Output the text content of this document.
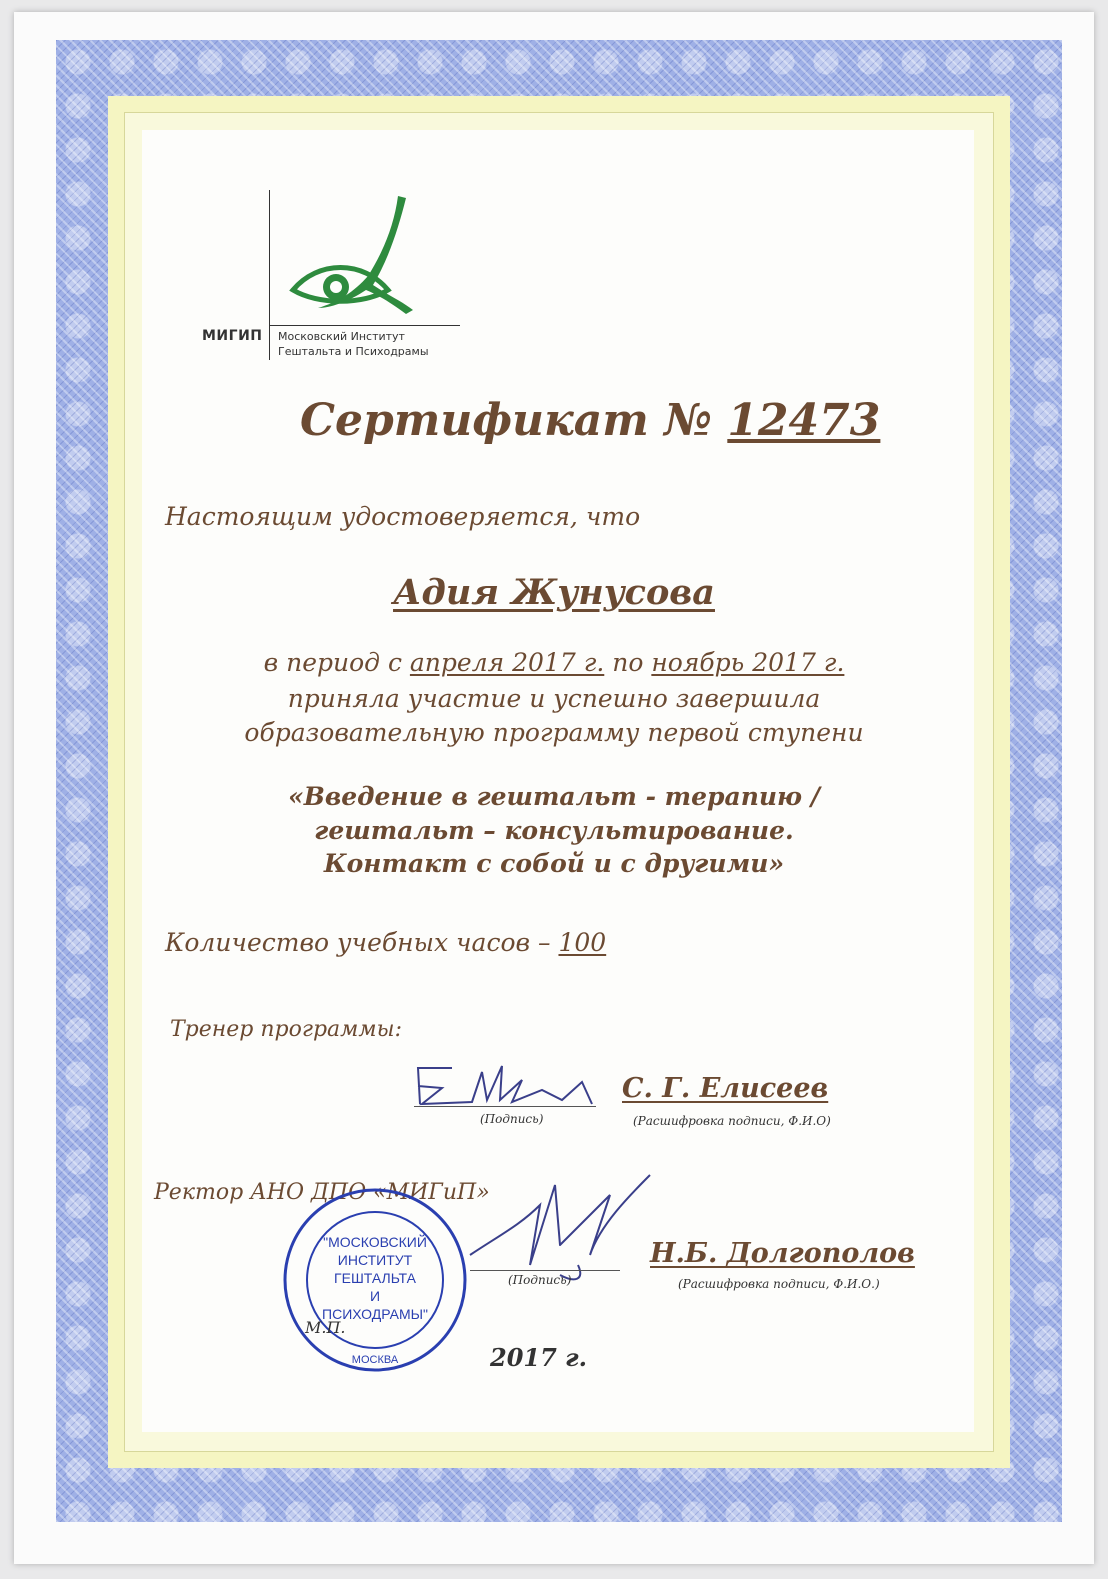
МИГИП Московский Институт
Гештальта и Психодрамы
Сертификат № 12473
Настоящим удостоверяется, что
Адия Жунусова
в период с апреля 2017 г. по ноябрь 2017 г.
приняла участие и успешно завершила
образовательную программу первой ступени
«Введение в гештальт - терапию /
гештальт – консультирование.
Контакт с собой и с другими»
Количество учебных часов – 100
Тренер программы:
(Подпись)
С. Г. Елисеев
(Расшифровка подписи, Ф.И.О)
Ректор АНО ДПО «МИГиП»
"МОСКОВСКИЙ
ИНСТИТУТ
ГЕШТАЛЬТА
И
ПСИХОДРАМЫ"
МОСКВА
(Подпись)
Н.Б. Долгополов
(Расшифровка подписи, Ф.И.О.)
М.П.
2017 г.
